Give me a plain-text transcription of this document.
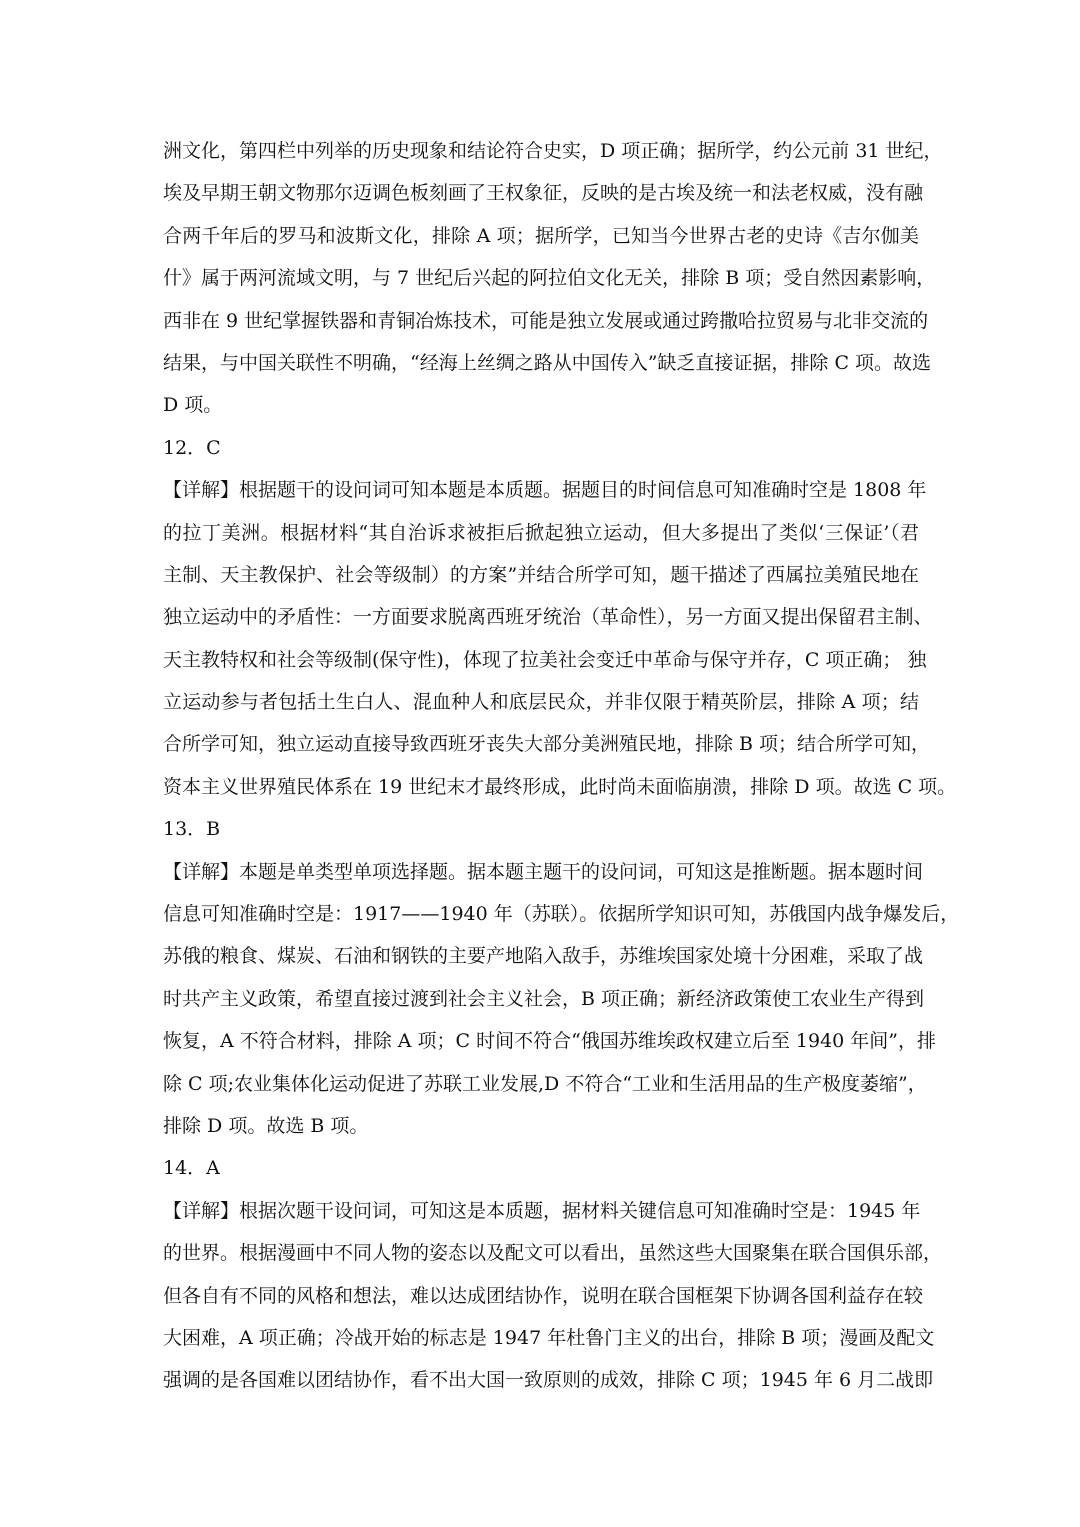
洲文化，第四栏中列举的历史现象和结论符合史实，D 项正确；据所学，约公元前 31 世纪，
埃及早期王朝文物那尔迈调色板刻画了王权象征，反映的是古埃及统一和法老权威，没有融
合两千年后的罗马和波斯文化，排除 A 项；据所学，已知当今世界古老的史诗《吉尔伽美
什》属于两河流域文明，与 7 世纪后兴起的阿拉伯文化无关，排除 B 项；受自然因素影响，
西非在 9 世纪掌握铁器和青铜冶炼技术，可能是独立发展或通过跨撒哈拉贸易与北非交流的
结果，与中国关联性不明确，“经海上丝绸之路从中国传入”缺乏直接证据，排除 C 项。故选
D 项。
12．C
【详解】根据题干的设问词可知本题是本质题。据题目的时间信息可知准确时空是 1808 年
的拉丁美洲。根据材料“其自治诉求被拒后掀起独立运动，但大多提出了类似‘三保证’（君
主制、天主教保护、社会等级制）的方案”并结合所学可知，题干描述了西属拉美殖民地在
独立运动中的矛盾性：一方面要求脱离西班牙统治（革命性），另一方面又提出保留君主制、
天主教特权和社会等级制(保守性)，体现了拉美社会变迁中革命与保守并存，C 项正确； 独
立运动参与者包括土生白人、混血种人和底层民众，并非仅限于精英阶层，排除 A 项；结
合所学可知，独立运动直接导致西班牙丧失大部分美洲殖民地，排除 B 项；结合所学可知，
资本主义世界殖民体系在 19 世纪末才最终形成，此时尚未面临崩溃，排除 D 项。故选 C 项。
13．B
【详解】本题是单类型单项选择题。据本题主题干的设问词，可知这是推断题。据本题时间
信息可知准确时空是：1917——1940 年（苏联）。依据所学知识可知，苏俄国内战争爆发后，
苏俄的粮食、煤炭、石油和钢铁的主要产地陷入敌手，苏维埃国家处境十分困难，采取了战
时共产主义政策，希望直接过渡到社会主义社会，B 项正确；新经济政策使工农业生产得到
恢复，A 不符合材料，排除 A 项；C 时间不符合“俄国苏维埃政权建立后至 1940 年间”，排
除 C 项;农业集体化运动促进了苏联工业发展,D 不符合“工业和生活用品的生产极度萎缩”，
排除 D 项。故选 B 项。
14．A
【详解】根据次题干设问词，可知这是本质题，据材料关键信息可知准确时空是：1945 年
的世界。根据漫画中不同人物的姿态以及配文可以看出，虽然这些大国聚集在联合国俱乐部，
但各自有不同的风格和想法，难以达成团结协作，说明在联合国框架下协调各国利益存在较
大困难，A 项正确；冷战开始的标志是 1947 年杜鲁门主义的出台，排除 B 项；漫画及配文
强调的是各国难以团结协作，看不出大国一致原则的成效，排除 C 项；1945 年 6 月二战即
